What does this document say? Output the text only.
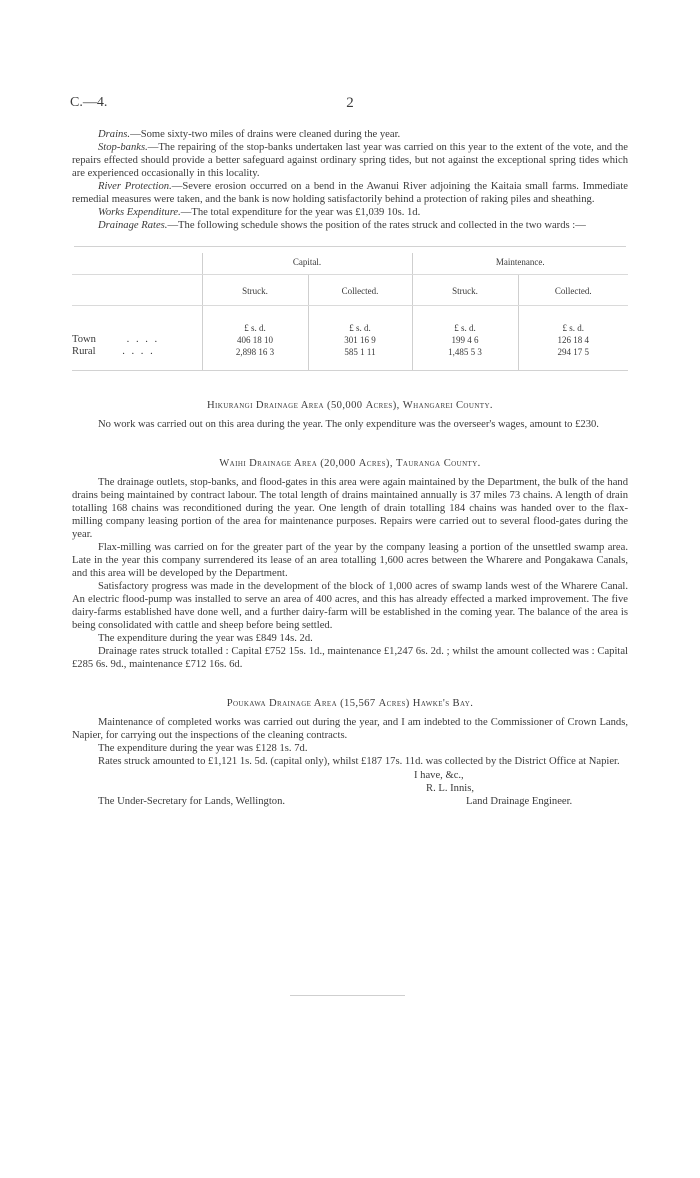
C.—4.	2

Drains.—Some sixty-two miles of drains were cleaned during the year.

Stop-banks.—The repairing of the stop-banks undertaken last year was carried on this year to the extent of the vote, and the repairs effected should provide a better safeguard against ordinary spring tides, but not against the exceptional spring tides which are experienced occasionally in this locality.

River Protection.—Severe erosion occurred on a bend in the Awanui River adjoining the Kaitaia small farms. Immediate remedial measures were taken, and the bank is now holding satisfactorily behind a protection of raking piles and sheathing.

Works Expenditure.—The total expenditure for the year was £1,039 10s. 1d.

Drainage Rates.—The following schedule shows the position of the rates struck and collected in the two wards :—

	Capital.		Maintenance.	
	Struck.	Collected.	Struck.	Collected.
	£ s. d.	£ s. d.	£ s. d.	£ s. d.
Town . . . .	406 18 10	301 16 9	199 4 6	126 18 4
Rural . . . .	2,898 16 3	585 1 11	1,485 5 3	294 17 5
Hikurangi Drainage Area (50,000 Acres), Whangarei County.

No work was carried out on this area during the year. The only expenditure was the overseer's wages, amount to £230.

Waihi Drainage Area (20,000 Acres), Tauranga County.

The drainage outlets, stop-banks, and flood-gates in this area were again maintained by the Department, the bulk of the hand drains being maintained by contract labour. The total length of drains maintained annually is 37 miles 73 chains. A length of drain totalling 168 chains was reconditioned during the year. One length of drain totalling 184 chains was handed over to the flax-milling company leasing portion of the area for maintenance purposes. Repairs were carried out to several flood-gates during the year.

Flax-milling was carried on for the greater part of the year by the company leasing a portion of the unsettled swamp area. Late in the year this company surrendered its lease of an area totalling 1,600 acres between the Wharere and Pongakawa Canals, and this area will be developed by the Department.

Satisfactory progress was made in the development of the block of 1,000 acres of swamp lands west of the Wharere Canal. An electric flood-pump was installed to serve an area of 400 acres, and this has already effected a marked improvement. The five dairy-farms established have done well, and a further dairy-farm will be established in the coming year. The balance of the area is being consolidated with cattle and sheep before being settled.

The expenditure during the year was £849 14s. 2d.

Drainage rates struck totalled : Capital £752 15s. 1d., maintenance £1,247 6s. 2d. ; whilst the amount collected was : Capital £285 6s. 9d., maintenance £712 16s. 6d.

Poukawa Drainage Area (15,567 Acres) Hawke's Bay.

Maintenance of completed works was carried out during the year, and I am indebted to the Commissioner of Crown Lands, Napier, for carrying out the inspections of the cleaning contracts.

The expenditure during the year was £128 1s. 7d.

Rates struck amounted to £1,121 1s. 5d. (capital only), whilst £187 17s. 11d. was collected by the District Office at Napier.

I have, &c.,
R. L. Innis,
The Under-Secretary for Lands, Wellington.	Land Drainage Engineer.
